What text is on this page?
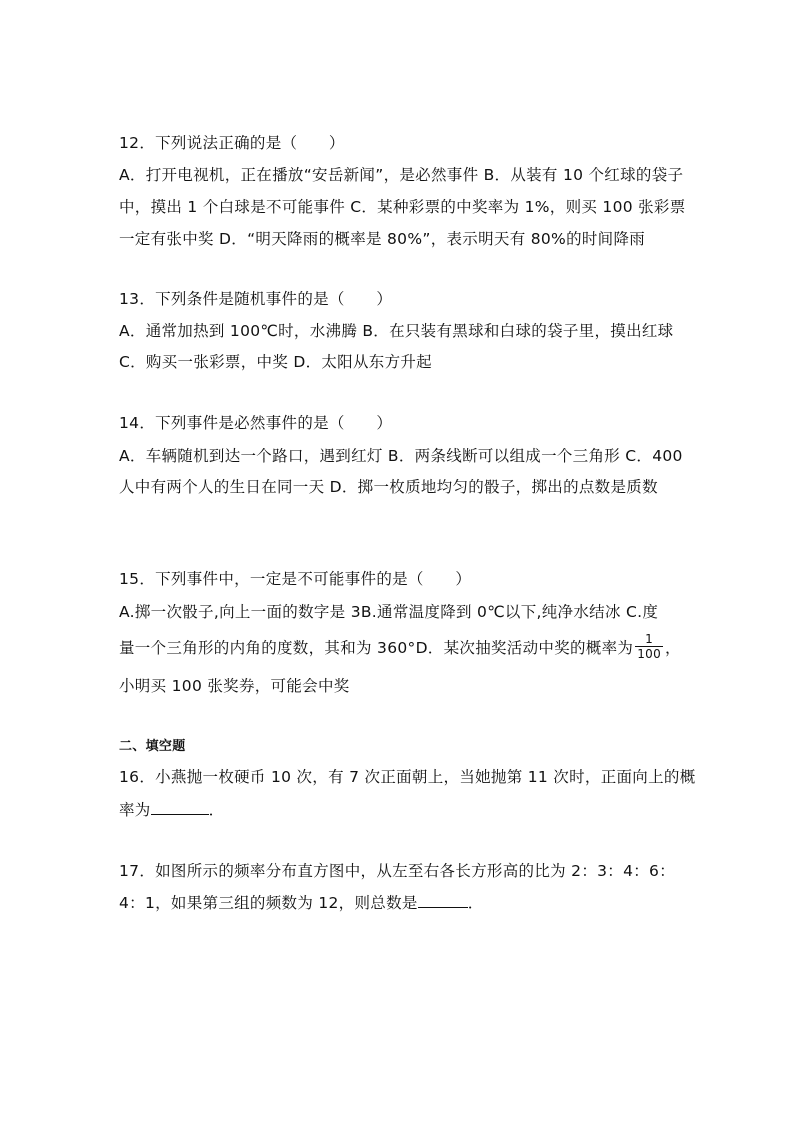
12．下列说法正确的是（　　）
A．打开电视机，正在播放“安岳新闻”，是必然事件 B．从装有 10 个红球的袋子
中，摸出 1 个白球是不可能事件 C．某种彩票的中奖率为 1%，则买 100 张彩票
一定有张中奖 D．“明天降雨的概率是 80%”，表示明天有 80%的时间降雨
13．下列条件是随机事件的是（　　）
A．通常加热到 100℃时，水沸腾 B．在只装有黑球和白球的袋子里，摸出红球
C．购买一张彩票，中奖 D．太阳从东方升起
14．下列事件是必然事件的是（　　）
A．车辆随机到达一个路口，遇到红灯 B．两条线断可以组成一个三角形 C．400
人中有两个人的生日在同一天 D．掷一枚质地均匀的骰子，掷出的点数是质数
15．下列事件中，一定是不可能事件的是（　　）
A.掷一次骰子,向上一面的数字是 3B.通常温度降到 0℃以下,纯净水结冰 C.度
量一个三角形的内角的度数，其和为 360°D．某次抽奖活动中奖的概率为 $\frac{1}{100}$ ，
小明买 100 张奖券，可能会中奖
二、填空题
16．小燕抛一枚硬币 10 次，有 7 次正面朝上，当她抛第 11 次时，正面向上的概
率为	．
17．如图所示的频率分布直方图中，从左至右各长方形高的比为 2：3：4：6：
4：1，如果第三组的频数为 12，则总数是	．
